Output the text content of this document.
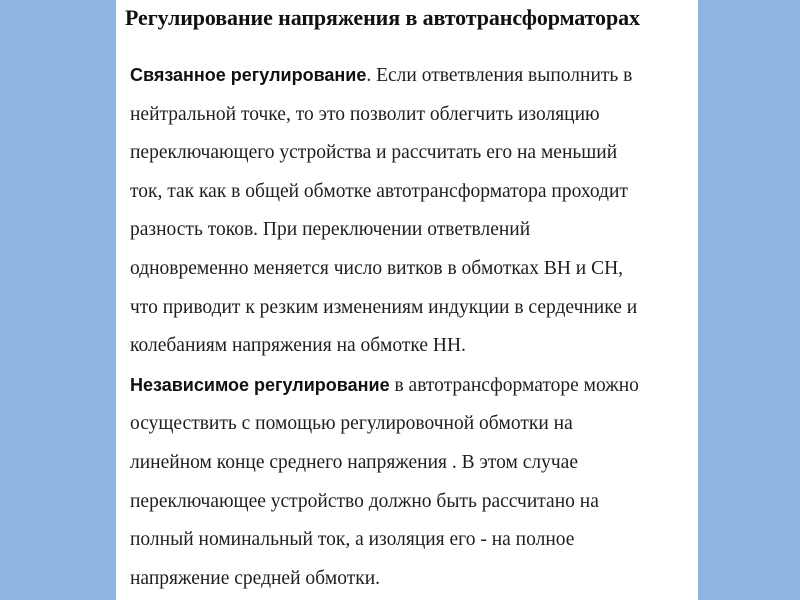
Регулирование напряжения в автотрансформаторах
Связанное регулирование. Если ответвления выполнить в
нейтральной точке, то это позволит облегчить изоляцию
переключающего устройства и рассчитать его на меньший
ток, так как в общей обмотке автотрансформатора проходит
разность токов. При переключении ответвлений
одновременно меняется число витков в обмотках ВН и СН,
что приводит к резким изменениям индукции в сердечнике и
колебаниям напряжения на обмотке НН.
Независимое регулирование в автотрансформаторе можно
осуществить с помощью регулировочной обмотки на
линейном конце среднего напряжения . В этом случае
переключающее устройство должно быть рассчитано на
полный номинальный ток, а изоляция его - на полное
напряжение средней обмотки.
